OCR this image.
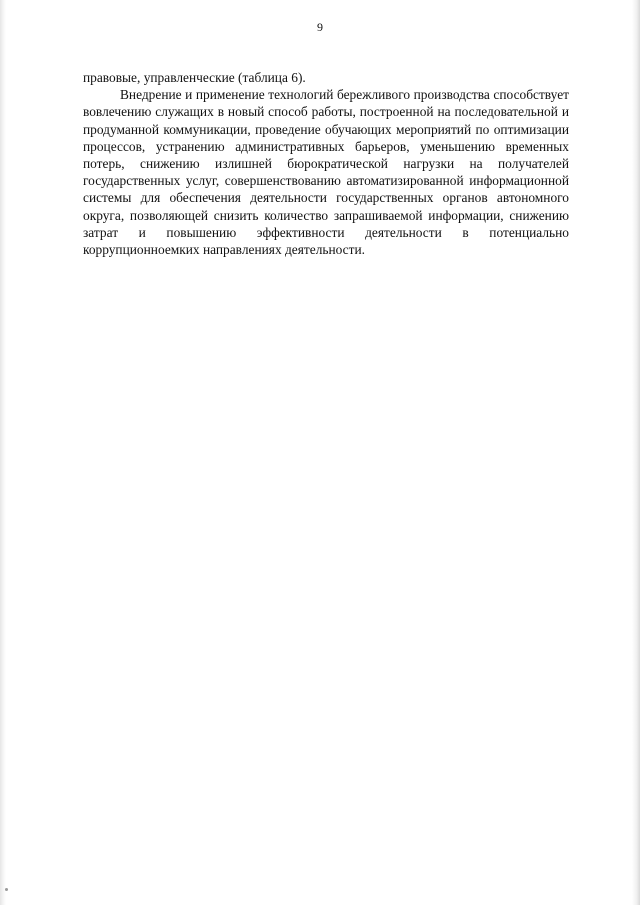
9

правовые, управленческие (таблица 6).

Внедрение и применение технологий бережливого производства способствует вовлечению служащих в новый способ работы, построенной на последовательной и продуманной коммуникации, проведение обучающих мероприятий по оптимизации процессов, устранению административных барьеров, уменьшению временных потерь, снижению излишней бюрократической нагрузки на получателей государственных услуг, совершенствованию автоматизированной информационной системы для обеспечения деятельности государственных органов автономного округа, позволяющей снизить количество запрашиваемой информации, снижению затрат и повышению эффективности деятельности в потенциально коррупционноемких направлениях деятельности.
